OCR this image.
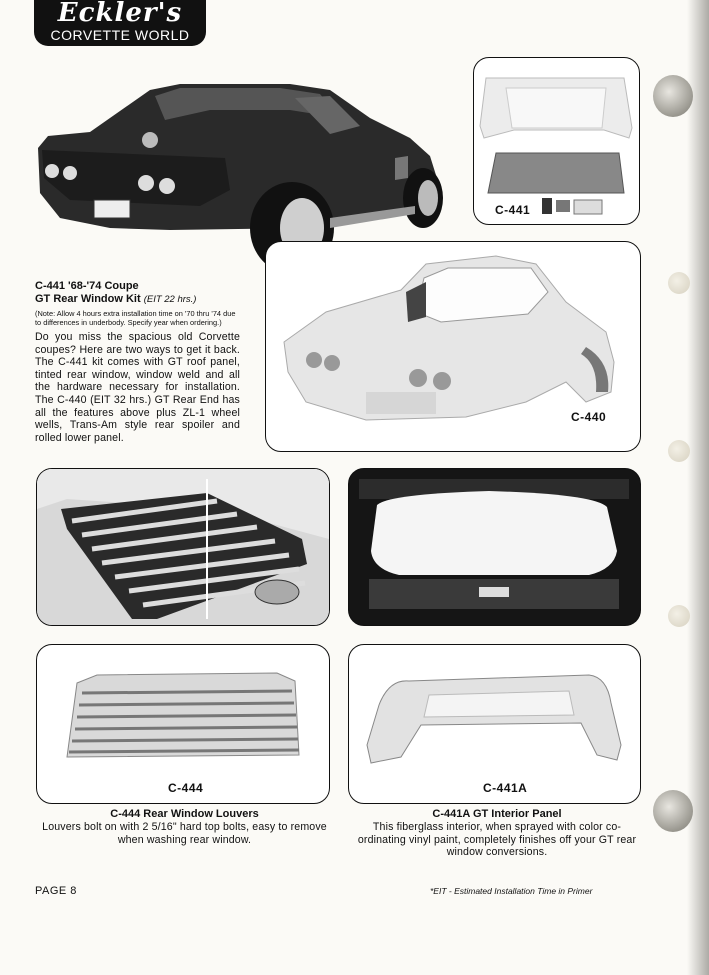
Eckler's
CORVETTE WORLD
C-441
C-441 '68-'74 Coupe
GT Rear Window Kit (EIT 22 hrs.)
(Note: Allow 4 hours extra installation time on '70 thru '74 due to differences in underbody. Specify year when ordering.)
Do you miss the spacious old Corvette coupes? Here are two ways to get it back. The C-441 kit comes with GT roof panel, tinted rear window, window weld and all the hardware necessary for installation. The C-440 (EIT 32 hrs.) GT Rear End has all the features above plus ZL-1 wheel wells, Trans-Am style rear spoiler and rolled lower panel.
C-440
C-444	C-441A
C-444 Rear Window Louvers
Louvers bolt on with 2 5/16" hard top bolts, easy to remove when washing rear window.
C-441A GT Interior Panel
This fiberglass interior, when sprayed with color co-ordinating vinyl paint, completely finishes off your GT rear window conversions.
PAGE 8	*EIT - Estimated Installation Time in Primer
